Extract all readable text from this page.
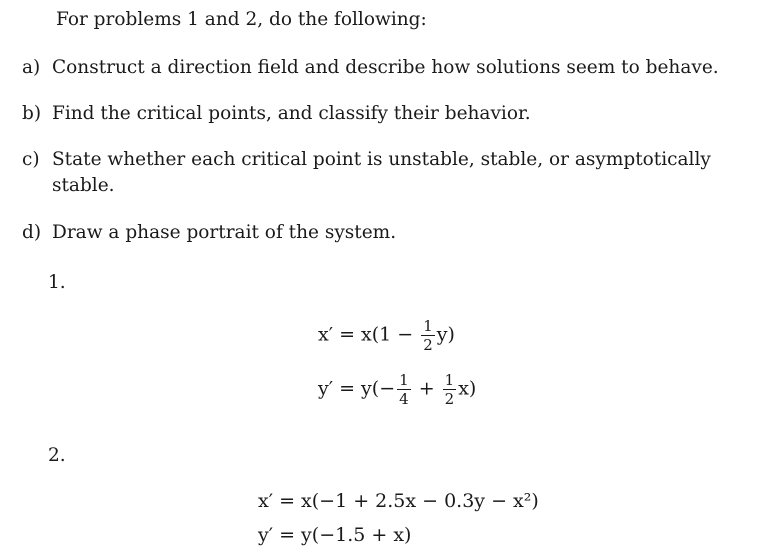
For problems 1 and 2, do the following:
a) Construct a direction field and describe how solutions seem to behave.
b) Find the critical points, and classify their behavior.
c) State whether each critical point is unstable, stable, or asymptotically stable.
d) Draw a phase portrait of the system.
1.
$x' = x(1 - \frac{1}{2} y)$
$y' = y(- \frac{1}{4} + \frac{1}{2} x)$
2.
x′ = x(−1 + 2.5x − 0.3y − x²)
y′ = y(−1.5 + x)
